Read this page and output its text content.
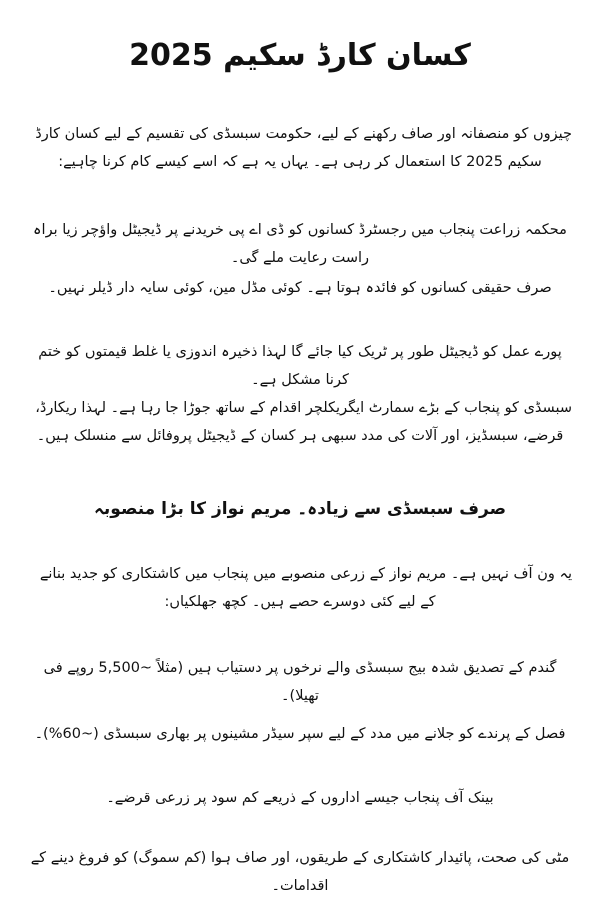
کسان کارڈ سکیم 2025
چیزوں کو منصفانہ اور صاف رکھنے کے لیے، حکومت سبسڈی کی تقسیم کے لیے کسان کارڈ سکیم 2025 کا استعمال کر رہی ہے۔ یہاں یہ ہے کہ اسے کیسے کام کرنا چاہیے:
محکمہ زراعت پنجاب میں رجسٹرڈ کسانوں کو ڈی اے پی خریدنے پر ڈیجیٹل واؤچر زیا براہ راست رعایت ملے گی۔
صرف حقیقی کسانوں کو فائدہ ہوتا ہے۔ کوئی مڈل مین، کوئی سایہ دار ڈیلر نہیں۔
پورے عمل کو ڈیجیٹل طور پر ٹریک کیا جائے گا لہذا ذخیرہ اندوزی یا غلط قیمتوں کو ختم کرنا مشکل ہے۔
سبسڈی کو پنجاب کے بڑے سمارٹ ایگریکلچر اقدام کے ساتھ جوڑا جا رہا ہے۔ لہذا ریکارڈ، قرضے، سبسڈیز، اور آلات کی مدد سبھی ہر کسان کے ڈیجیٹل پروفائل سے منسلک ہیں۔
صرف سبسڈی سے زیادہ۔ مریم نواز کا بڑا منصوبہ
یہ ون آف نہیں ہے۔ مریم نواز کے زرعی منصوبے میں پنجاب میں کاشتکاری کو جدید بنانے کے لیے کئی دوسرے حصے ہیں۔ کچھ جھلکیاں:
گندم کے تصدیق شدہ بیج سبسڈی والے نرخوں پر دستیاب ہیں (مثلاً ~5,500 روپے فی تھیلا)۔
فصل کے پرندے کو جلانے میں مدد کے لیے سپر سیڈر مشینوں پر بھاری سبسڈی (~60%)۔
بینک آف پنجاب جیسے اداروں کے ذریعے کم سود پر زرعی قرضے۔
مٹی کی صحت، پائیدار کاشتکاری کے طریقوں، اور صاف ہوا (کم سموگ) کو فروغ دینے کے اقدامات۔
